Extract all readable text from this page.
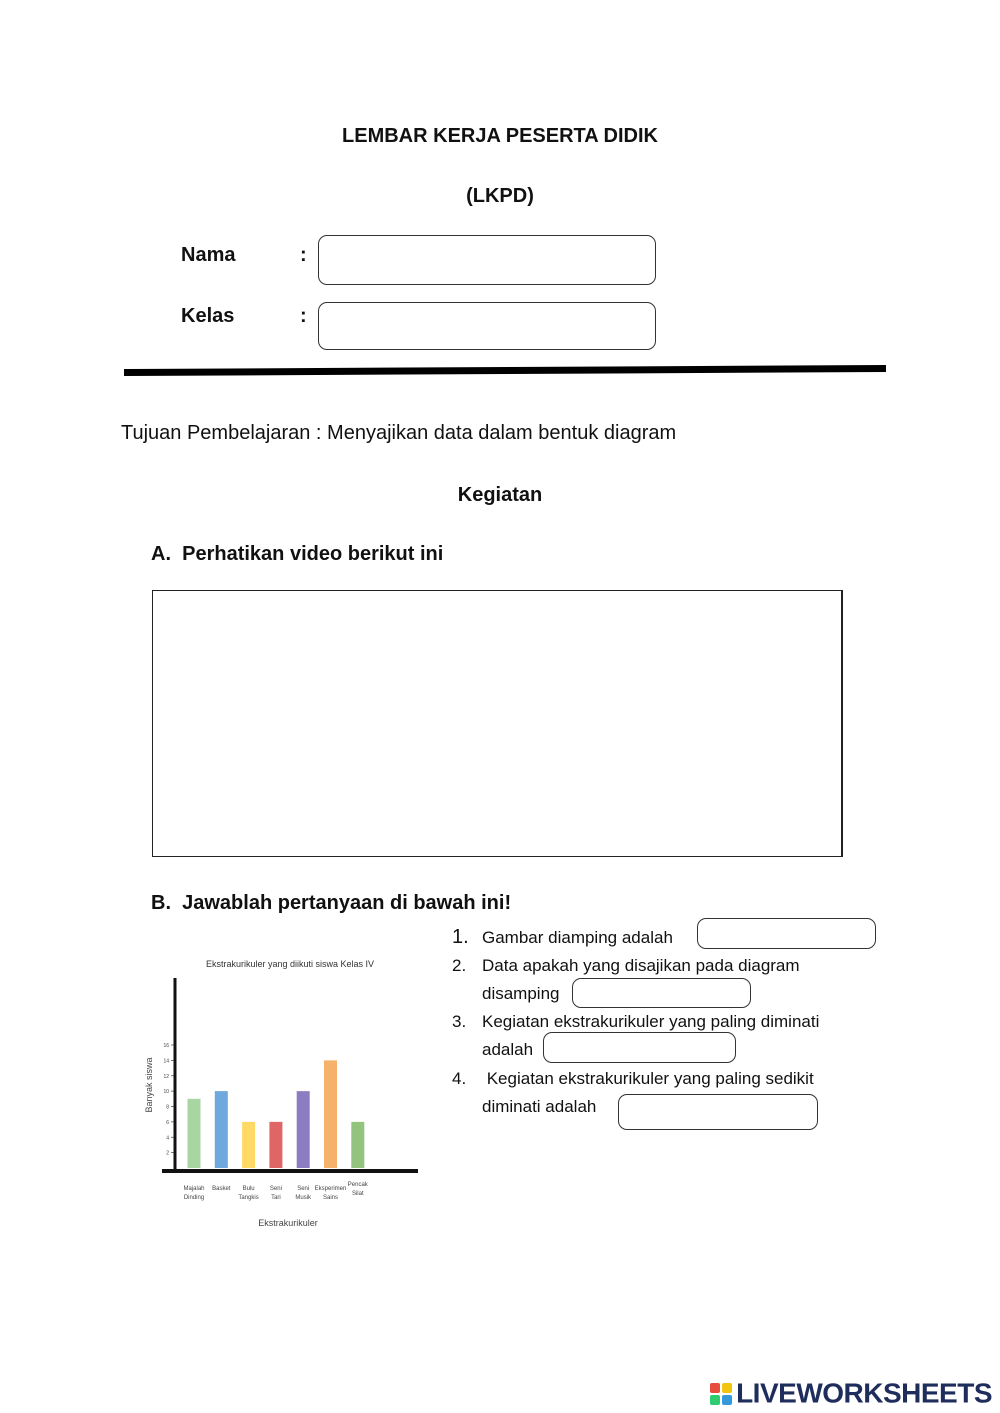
LEMBAR KERJA PESERTA DIDIK
(LKPD)
Nama	:
Kelas	:
Tujuan Pembelajaran : Menyajikan data dalam bentuk diagram
Kegiatan
A. Perhatikan video berikut ini
B. Jawablah pertanyaan di bawah ini!
Ekstrakurikuler yang diikuti siswa Kelas IV
2
4
6
8
10
12
14
16
Majalah Dinding
Basket	Bulu Tangkis
Seni Tari
Seni Musik
Eksperimen Sains
Pencak Silat
Banyak siswa
Ekstrakurikuler
1. Gambar diamping adalah
2. Data apakah yang disajikan pada diagram
disamping
3. Kegiatan ekstrakurikuler yang paling diminati
adalah
4. Kegiatan ekstrakurikuler yang paling sedikit
diminati adalah
LIVEWORKSHEETS
